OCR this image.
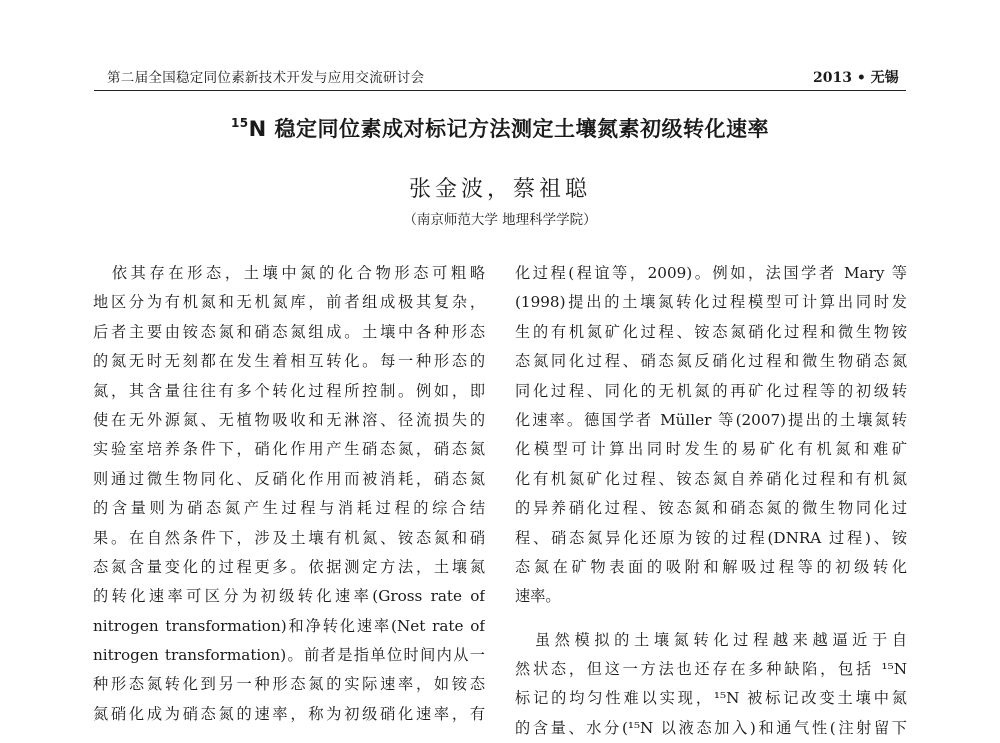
第二届全国稳定同位素新技术开发与应用交流研讨会	2013 • 无锡
$^{15}$N 稳定同位素成对标记方法测定土壤氮素初级转化速率
张金波，蔡祖聪
（南京师范大学 地理科学学院）
　依其存在形态，土壤中氮的化合物形态可粗略
地区分为有机氮和无机氮库，前者组成极其复杂，
后者主要由铵态氮和硝态氮组成。土壤中各种形态
的氮无时无刻都在发生着相互转化。每一种形态的
氮，其含量往往有多个转化过程所控制。例如，即
使在无外源氮、无植物吸收和无淋溶、径流损失的
实验室培养条件下，硝化作用产生硝态氮，硝态氮
则通过微生物同化、反硝化作用而被消耗，硝态氮
的含量则为硝态氮产生过程与消耗过程的综合结
果。在自然条件下，涉及土壤有机氮、铵态氮和硝
态氮含量变化的过程更多。依据测定方法，土壤氮
的转化速率可区分为初级转化速率(Gross rate of
nitrogen transformation)和净转化速率(Net rate of
nitrogen transformation)。前者是指单位时间内从一
种形态氮转化到另一种形态氮的实际速率，如铵态
氮硝化成为硝态氮的速率，称为初级硝化速率，有
化过程(程谊等，2009)。例如，法国学者 Mary 等
(1998)提出的土壤氮转化过程模型可计算出同时发
生的有机氮矿化过程、铵态氮硝化过程和微生物铵
态氮同化过程、硝态氮反硝化过程和微生物硝态氮
同化过程、同化的无机氮的再矿化过程等的初级转
化速率。德国学者 Müller 等(2007)提出的土壤氮转
化模型可计算出同时发生的易矿化有机氮和难矿
化有机氮矿化过程、铵态氮自养硝化过程和有机氮
的异养硝化过程、铵态氮和硝态氮的微生物同化过
程、硝态氮异化还原为铵的过程(DNRA 过程)、铵
态氮在矿物表面的吸附和解吸过程等的初级转化
速率。
　虽然模拟的土壤氮转化过程越来越逼近于自
然状态，但这一方法也还存在多种缺陷，包括 ¹⁵N
标记的均匀性难以实现，¹⁵N 被标记改变土壤中氮
的含量、水分(¹⁵N 以液态加入)和通气性(注射留下
